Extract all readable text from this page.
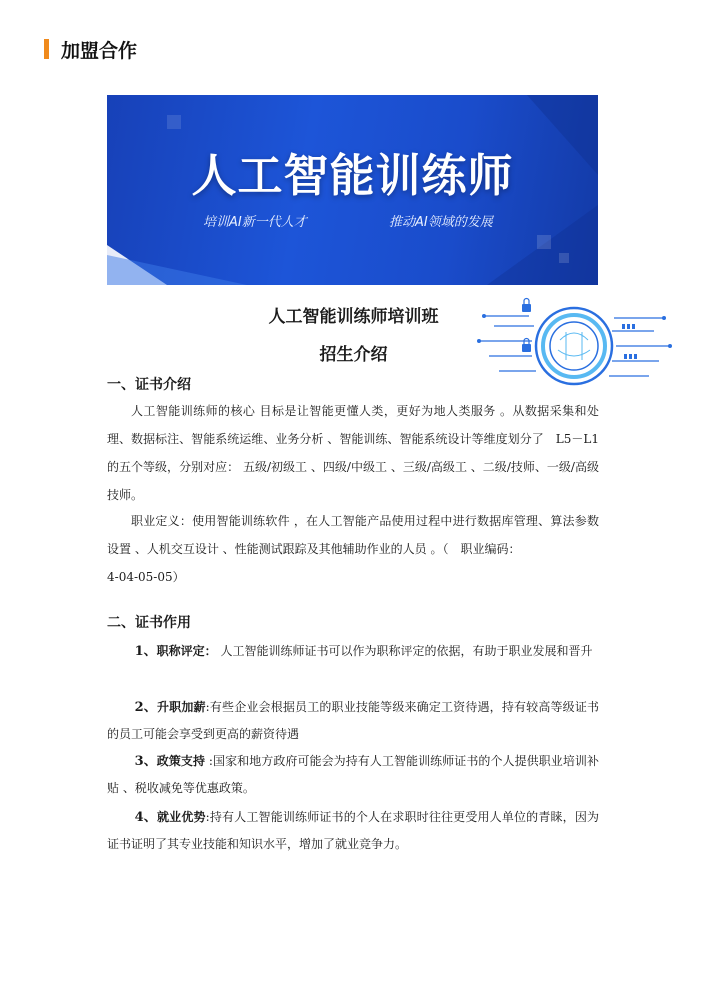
加盟合作
人工智能训练师
培训AI新一代人才	推动AI领域的发展
人工智能训练师培训班
招生介绍
一、证书介绍

人工智能训练师的核心 目标是让智能更懂人类，更好为地人类服务 。从数据采集和处理、数据标注、智能系统运维、业务分析 、智能训练、智能系统设计等维度划分了　L5－L1　的五个等级，分别对应： 五级/初级工 、四级/中级工 、三级/高级工 、二级/技师、一级/高级技师。

职业定义：使用智能训练软件 ，在人工智能产品使用过程中进行数据库管理、算法参数设置 、人机交互设计 、性能测试跟踪及其他辅助作业的人员 。（　职业编码：

4-04-05-05）

二、证书作用

1、职称评定： 人工智能训练师证书可以作为职称评定的依据，有助于职业发展和晋升

2、升职加薪:有些企业会根据员工的职业技能等级来确定工资待遇，持有较高等级证书的员工可能会享受到更高的薪资待遇

3、政策支持 :国家和地方政府可能会为持有人工智能训练师证书的个人提供职业培训补贴 、税收减免等优惠政策。

4、就业优势:持有人工智能训练师证书的个人在求职时往往更受用人单位的青睐，因为证书证明了其专业技能和知识水平，增加了就业竞争力。
